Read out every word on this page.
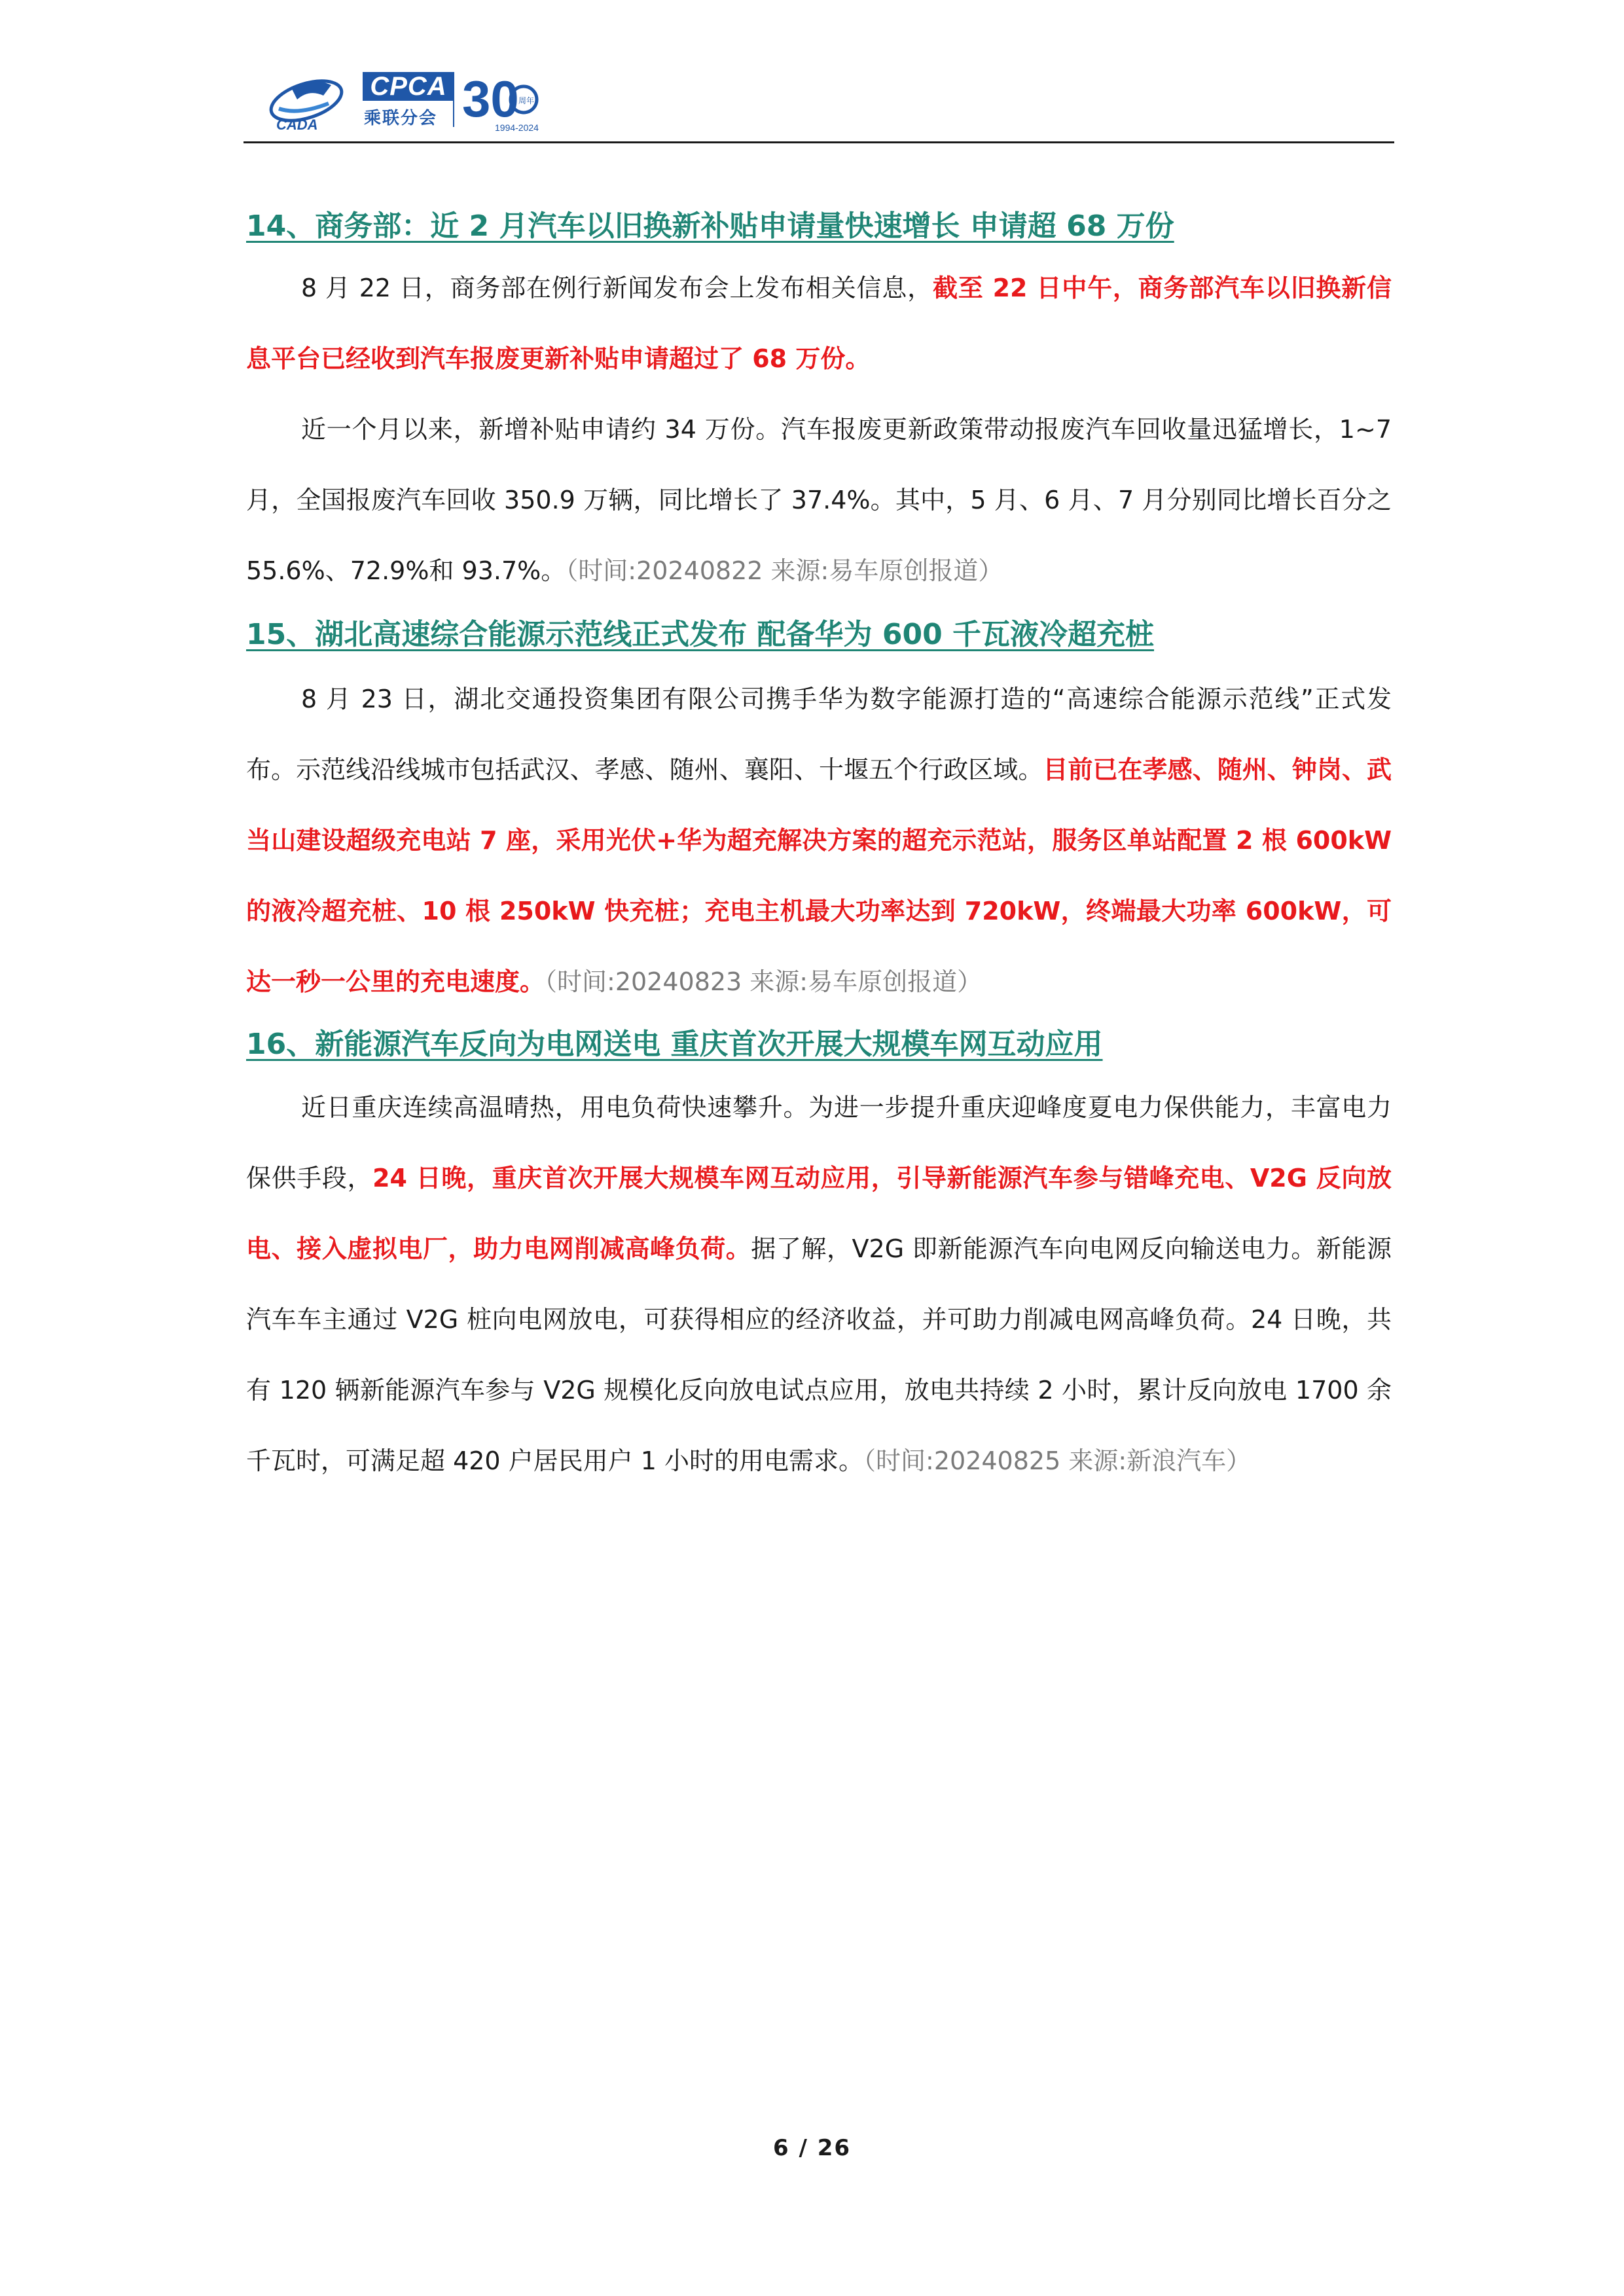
CADA
CPCA
乘联分会 30 周年
1994-2024
14、商务部：近 2 月汽车以旧换新补贴申请量快速增长 申请超 68 万份

8 月 22 日，商务部在例行新闻发布会上发布相关信息，截至 22 日中午，商务部汽车以旧换新信息平台已经收到汽车报废更新补贴申请超过了 68 万份。

近一个月以来，新增补贴申请约 34 万份。汽车报废更新政策带动报废汽车回收量迅猛增长，1~7 月，全国报废汽车回收 350.9 万辆，同比增长了 37.4%。其中，5 月、6 月、7 月分别同比增长百分之 55.6%、72.9%和 93.7%。（时间:20240822 来源:易车原创报道）

15、湖北高速综合能源示范线正式发布 配备华为 600 千瓦液冷超充桩

8 月 23 日，湖北交通投资集团有限公司携手华为数字能源打造的“高速综合能源示范线”正式发布。示范线沿线城市包括武汉、孝感、随州、襄阳、十堰五个行政区域。目前已在孝感、随州、钟岗、武当山建设超级充电站 7 座，采用光伏+华为超充解决方案的超充示范站，服务区单站配置 2 根 600kW 的液冷超充桩、10 根 250kW 快充桩；充电主机最大功率达到 720kW，终端最大功率 600kW，可达一秒一公里的充电速度。（时间:20240823 来源:易车原创报道）

16、新能源汽车反向为电网送电 重庆首次开展大规模车网互动应用

近日重庆连续高温晴热，用电负荷快速攀升。为进一步提升重庆迎峰度夏电力保供能力，丰富电力保供手段，24 日晚，重庆首次开展大规模车网互动应用，引导新能源汽车参与错峰充电、V2G 反向放电、接入虚拟电厂，助力电网削减高峰负荷。据了解，V2G 即新能源汽车向电网反向输送电力。新能源汽车车主通过 V2G 桩向电网放电，可获得相应的经济收益，并可助力削减电网高峰负荷。24 日晚，共有 120 辆新能源汽车参与 V2G 规模化反向放电试点应用，放电共持续 2 小时，累计反向放电 1700 余千瓦时，可满足超 420 户居民用户 1 小时的用电需求。（时间:20240825 来源:新浪汽车）

6 / 26
